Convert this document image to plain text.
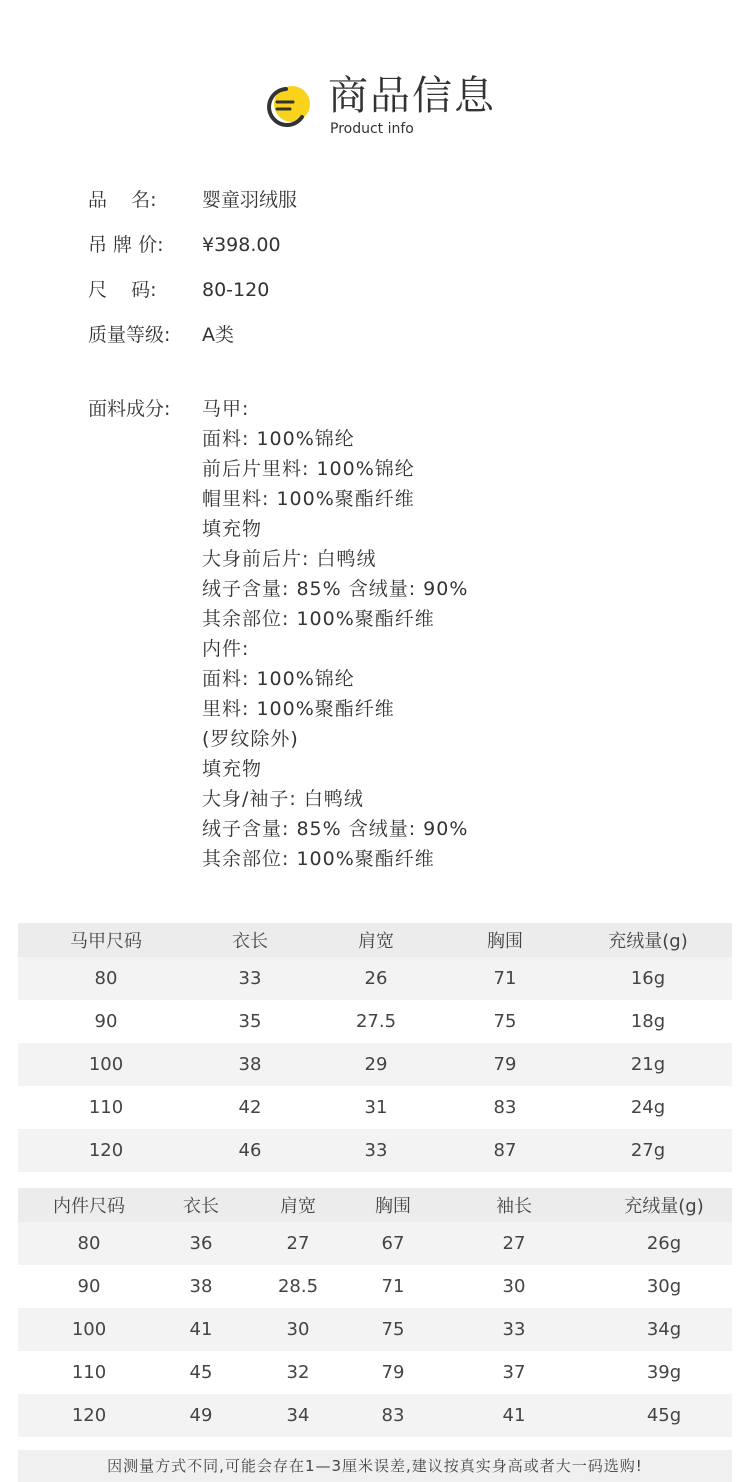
商品信息
Product info
品    名: 婴童羽绒服
吊 牌 价: ¥398.00
尺    码: 80-120
质量等级: A类
面料成分: 马甲:
面料: 100%锦纶
前后片里料: 100%锦纶
帽里料: 100%聚酯纤维
填充物
大身前后片: 白鸭绒
绒子含量: 85% 含绒量: 90%
其余部位: 100%聚酯纤维
内件:
面料: 100%锦纶
里料: 100%聚酯纤维
(罗纹除外)
填充物
大身/袖子: 白鸭绒
绒子含量: 85% 含绒量: 90%
其余部位: 100%聚酯纤维
马甲尺码	衣长	肩宽	胸围	充绒量(g)
80	33	26	71	16g
90	35	27.5	75	18g
100	38	29	79	21g
110	42	31	83	24g
120	46	33	87	27g
内件尺码	衣长	肩宽	胸围	袖长	充绒量(g)
80	36	27	67	27	26g
90	38	28.5	71	30	30g
100	41	30	75	33	34g
110	45	32	79	37	39g
120	49	34	83	41	45g
因测量方式不同,可能会存在1—3厘米误差,建议按真实身高或者大一码选购!
